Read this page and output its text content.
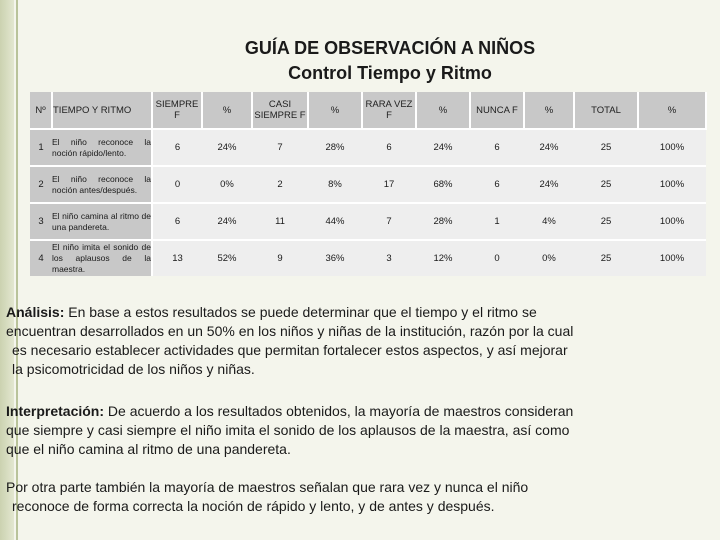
GUÍA DE OBSERVACIÓN A NIÑOS
Control Tiempo y Ritmo
Nº	TIEMPO Y RITMO	SIEMPRE F	%	CASI SIEMPRE F	%	RARA VEZ F	%	NUNCA F	%	TOTAL	%
1	El niño reconoce la noción rápido/lento.	6	24%	7	28%	6	24%	6	24%	25	100%
2	El niño reconoce la noción antes/después.	0	0%	2	8%	17	68%	6	24%	25	100%
3	El niño camina al ritmo de una pandereta.	6	24%	11	44%	7	28%	1	4%	25	100%
4	El niño imita el sonido de los aplausos de la maestra.	13	52%	9	36%	3	12%	0	0%	25	100%
Análisis: En base a estos resultados se puede determinar que el tiempo y el ritmo se
encuentran desarrollados en un 50% en los niños y niñas de la institución, razón por la cual
es necesario establecer actividades que permitan fortalecer estos aspectos, y así mejorar
la psicomotricidad de los niños y niñas.
Interpretación: De acuerdo a los resultados obtenidos, la mayoría de maestros consideran
que siempre y casi siempre el niño imita el sonido de los aplausos de la maestra, así como
que el niño camina al ritmo de una pandereta.
Por otra parte también la mayoría de maestros señalan que rara vez y nunca el niño
reconoce de forma correcta la noción de rápido y lento, y de antes y después.
